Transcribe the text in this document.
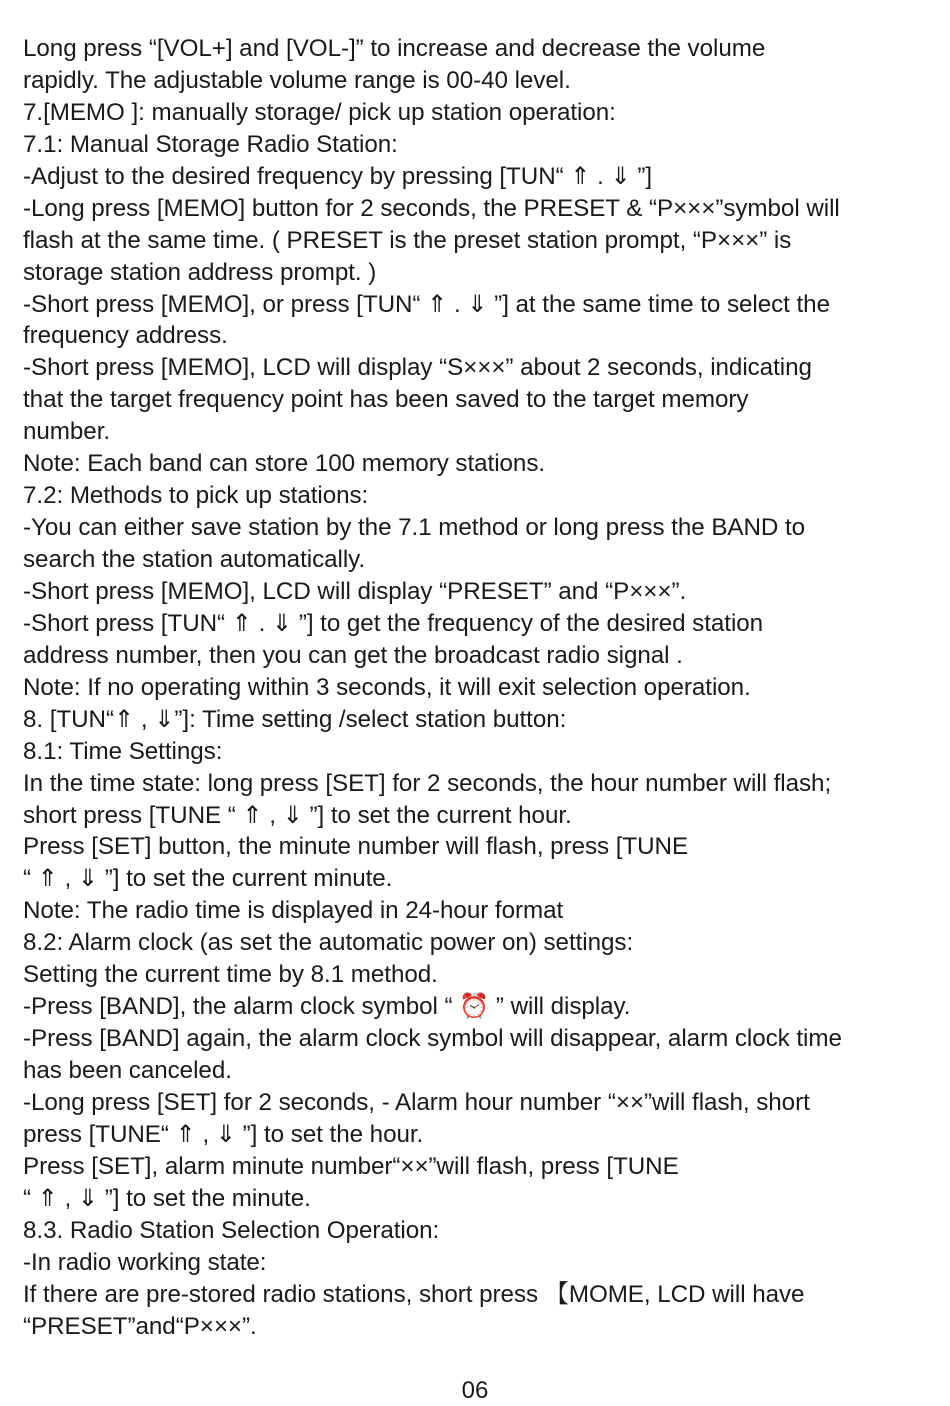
Long press “[VOL+] and [VOL-]” to increase and decrease the volume
rapidly. The adjustable volume range is 00-40 level.
7.[MEMO ]: manually storage/ pick up station operation:
7.1: Manual Storage Radio Station:
-Adjust to the desired frequency by pressing [TUN“ ⇑ . ⇓ ”]
-Long press [MEMO] button for 2 seconds, the PRESET & “P×××”symbol will
flash at the same time. ( PRESET is the preset station prompt, “P×××” is
storage station address prompt. )
-Short press [MEMO], or press [TUN“ ⇑ . ⇓ ”] at the same time to select the
frequency address.
-Short press [MEMO], LCD will display “S×××” about 2 seconds, indicating
that the target frequency point has been saved to the target memory
number.
Note: Each band can store 100 memory stations.
7.2: Methods to pick up stations:
-You can either save station by the 7.1 method or long press the BAND to
search the station automatically.
-Short press [MEMO], LCD will display “PRESET” and “P×××”.
-Short press [TUN“ ⇑ . ⇓ ”] to get the frequency of the desired station
address number, then you can get the broadcast radio signal .
Note: If no operating within 3 seconds, it will exit selection operation.
8. [TUN“⇑ , ⇓”]: Time setting /select station button:
8.1: Time Settings:
In the time state: long press [SET] for 2 seconds, the hour number will flash;
short press [TUNE “ ⇑ , ⇓ ”] to set the current hour.
Press [SET] button, the minute number will flash, press [TUNE
“ ⇑ , ⇓ ”] to set the current minute.
Note: The radio time is displayed in 24-hour format
8.2: Alarm clock (as set the automatic power on) settings:
Setting the current time by 8.1 method.
-Press [BAND], the alarm clock symbol “ ⏰ ” will display.
-Press [BAND] again, the alarm clock symbol will disappear, alarm clock time
has been canceled.
-Long press [SET] for 2 seconds, - Alarm hour number “××”will flash, short
press [TUNE“ ⇑ , ⇓ ”] to set the hour.
Press [SET], alarm minute number“××”will flash, press [TUNE
“ ⇑ , ⇓ ”] to set the minute.
8.3. Radio Station Selection Operation:
-In radio working state:
If there are pre-stored radio stations, short press 【MOME, LCD will have
“PRESET”and“P×××”.
06
